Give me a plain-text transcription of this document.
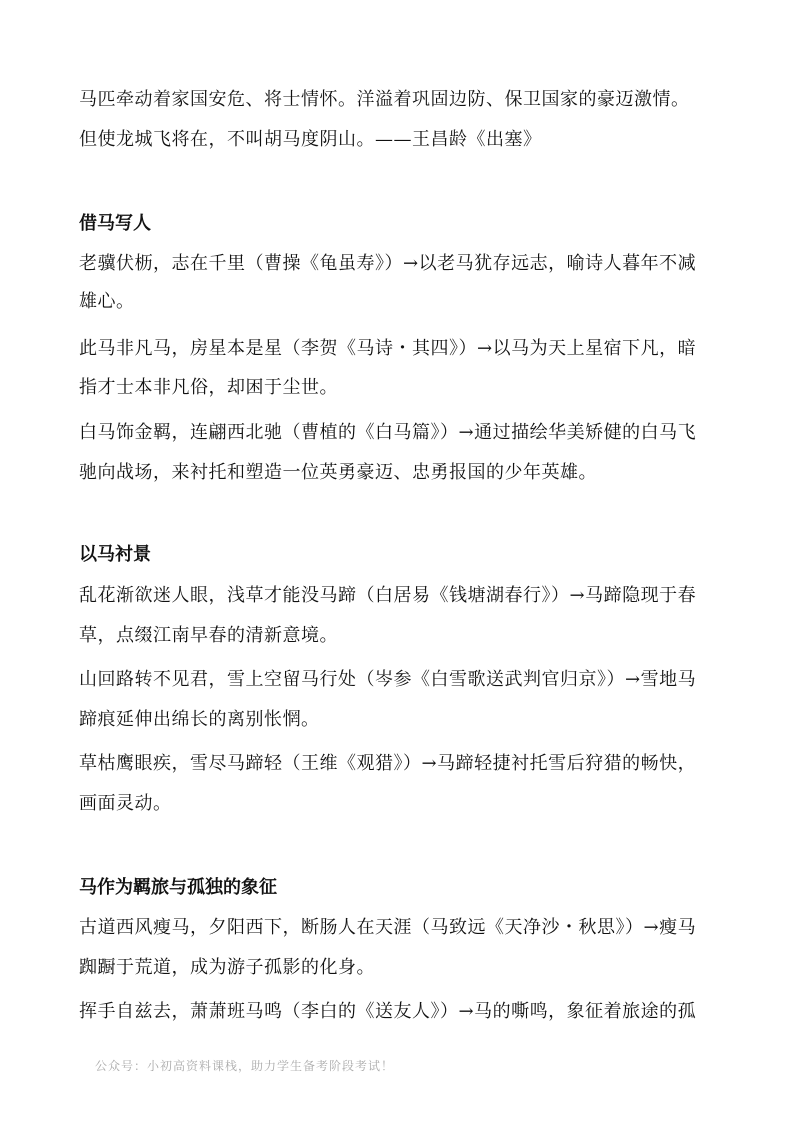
马匹牵动着家国安危、将士情怀。洋溢着巩固边防、保卫国家的豪迈激情。
但使龙城飞将在，不叫胡马度阴山。——王昌龄《出塞》
借马写人
老骥伏枥，志在千里（曹操《龟虽寿》）→以老马犹存远志，喻诗人暮年不减
雄心。
此马非凡马，房星本是星（李贺《马诗・其四》）→以马为天上星宿下凡，暗
指才士本非凡俗，却困于尘世。
白马饰金羁，连翩西北驰（曹植的《白马篇》）→通过描绘华美矫健的白马飞
驰向战场，来衬托和塑造一位英勇豪迈、忠勇报国的少年英雄。
以马衬景
乱花渐欲迷人眼，浅草才能没马蹄（白居易《钱塘湖春行》）→马蹄隐现于春
草，点缀江南早春的清新意境。
山回路转不见君，雪上空留马行处（岑参《白雪歌送武判官归京》）→雪地马
蹄痕延伸出绵长的离别怅惘。
草枯鹰眼疾，雪尽马蹄轻（王维《观猎》）→马蹄轻捷衬托雪后狩猎的畅快，
画面灵动。
马作为羁旅与孤独的象征
古道西风瘦马，夕阳西下，断肠人在天涯（马致远《天净沙・秋思》）→瘦马
踟蹰于荒道，成为游子孤影的化身。
挥手自兹去，萧萧班马鸣（李白的《送友人》）→马的嘶鸣，象征着旅途的孤
公众号：小初高资料课栈，助力学生备考阶段考试！
